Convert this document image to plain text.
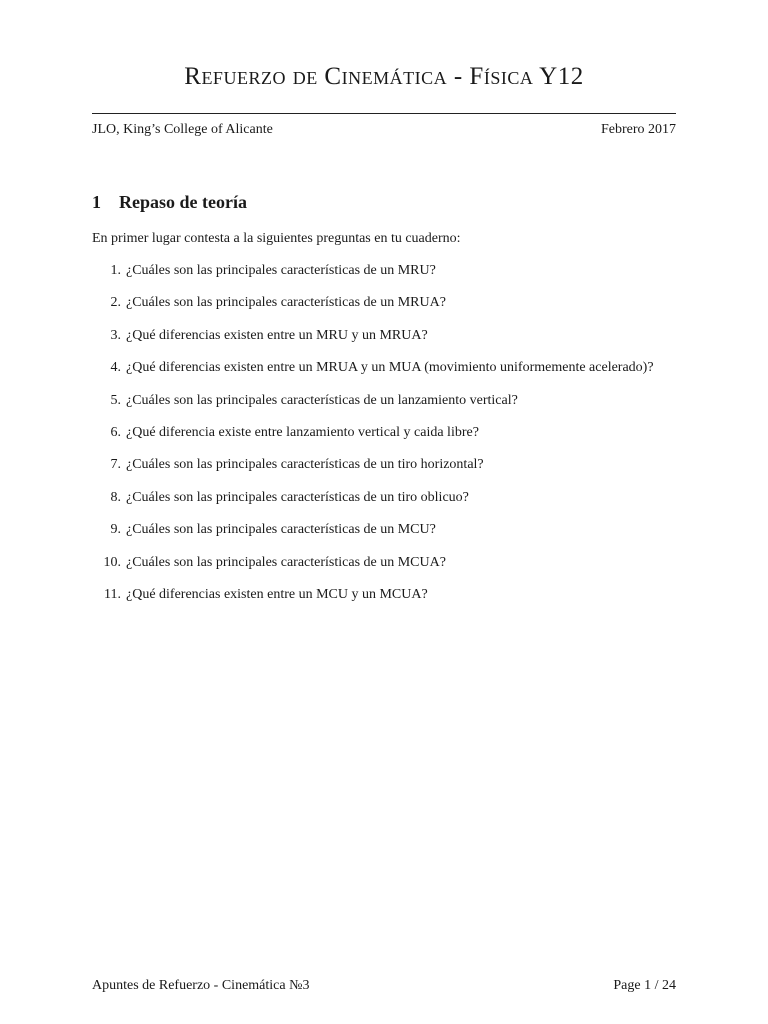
Refuerzo de Cinemática - Física Y12
JLO, King’s College of Alicante	Febrero 2017
1 Repaso de teoría
En primer lugar contesta a la siguientes preguntas en tu cuaderno:
1. ¿Cuáles son las principales características de un MRU?
2. ¿Cuáles son las principales características de un MRUA?
3. ¿Qué diferencias existen entre un MRU y un MRUA?
4. ¿Qué diferencias existen entre un MRUA y un MUA (movimiento uniformemente acelerado)?
5. ¿Cuáles son las principales características de un lanzamiento vertical?
6. ¿Qué diferencia existe entre lanzamiento vertical y caida libre?
7. ¿Cuáles son las principales características de un tiro horizontal?
8. ¿Cuáles son las principales características de un tiro oblicuo?
9. ¿Cuáles son las principales características de un MCU?
10. ¿Cuáles son las principales características de un MCUA?
11. ¿Qué diferencias existen entre un MCU y un MCUA?
Apuntes de Refuerzo - Cinemática №3	Page 1 / 24
